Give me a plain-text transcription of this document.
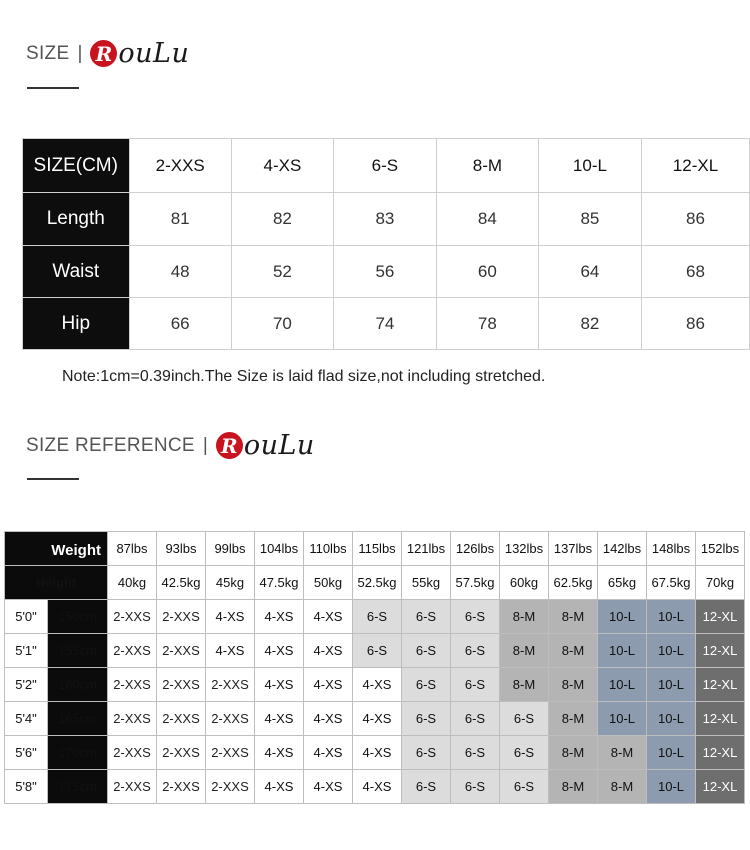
SIZE | R ouLu
SIZE(CM)	2-XXS	4-XS	6-S	8-M	10-L	12-XL
Length	81	82	83	84	85	86
Waist	48	52	56	60	64	68
Hip	66	70	74	78	82	86
Note:1cm=0.39inch.The Size is laid flad size,not including stretched.
SIZE REFERENCE | R ouLu
Weight		87lbs	93lbs	99lbs	104lbs	110lbs	115lbs	121lbs	126lbs	132lbs	137lbs	142lbs	148lbs	152lbs
Height		40kg	42.5kg	45kg	47.5kg	50kg	52.5kg	55kg	57.5kg	60kg	62.5kg	65kg	67.5kg	70kg
5'0"	150cm	2-XXS	2-XXS	4-XS	4-XS	4-XS	6-S	6-S	6-S	8-M	8-M	10-L	10-L	12-XL
5'1"	155cm	2-XXS	2-XXS	4-XS	4-XS	4-XS	6-S	6-S	6-S	8-M	8-M	10-L	10-L	12-XL
5'2"	160cm	2-XXS	2-XXS	2-XXS	4-XS	4-XS	4-XS	6-S	6-S	8-M	8-M	10-L	10-L	12-XL
5'4"	165cm	2-XXS	2-XXS	2-XXS	4-XS	4-XS	4-XS	6-S	6-S	6-S	8-M	10-L	10-L	12-XL
5'6"	170cm	2-XXS	2-XXS	2-XXS	4-XS	4-XS	4-XS	6-S	6-S	6-S	8-M	8-M	10-L	12-XL
5'8"	175cm	2-XXS	2-XXS	2-XXS	4-XS	4-XS	4-XS	6-S	6-S	6-S	8-M	8-M	10-L	12-XL
